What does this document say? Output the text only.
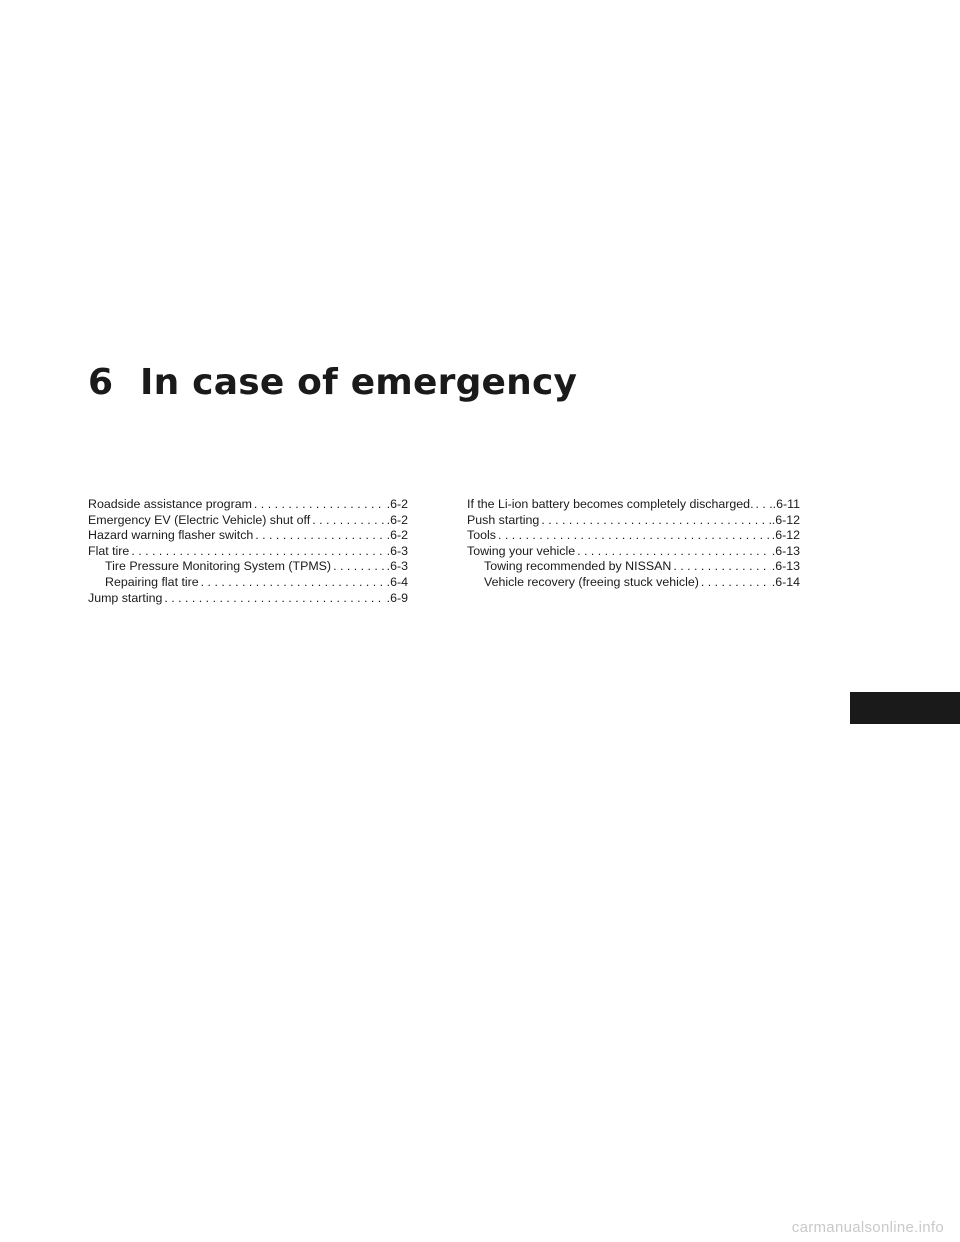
6 In case of emergency
Roadside assistance program . . .	.6-2
Emergency EV (Electric Vehicle) shut off . . .	.6-2
Hazard warning flasher switch . . .	.6-2
Flat tire . . .	.6-3
Tire Pressure Monitoring System (TPMS) . . .	.6-3
Repairing flat tire . . .	.6-4
Jump starting . . .	.6-9
If the Li-ion battery becomes completely discharged. . . . .6-11
Push starting . . .	.6-12
Tools . . .	.6-12
Towing your vehicle . . .	.6-13
Towing recommended by NISSAN . . .	.6-13
Vehicle recovery (freeing stuck vehicle) . . .	.6-14
carmanualsonline.info
